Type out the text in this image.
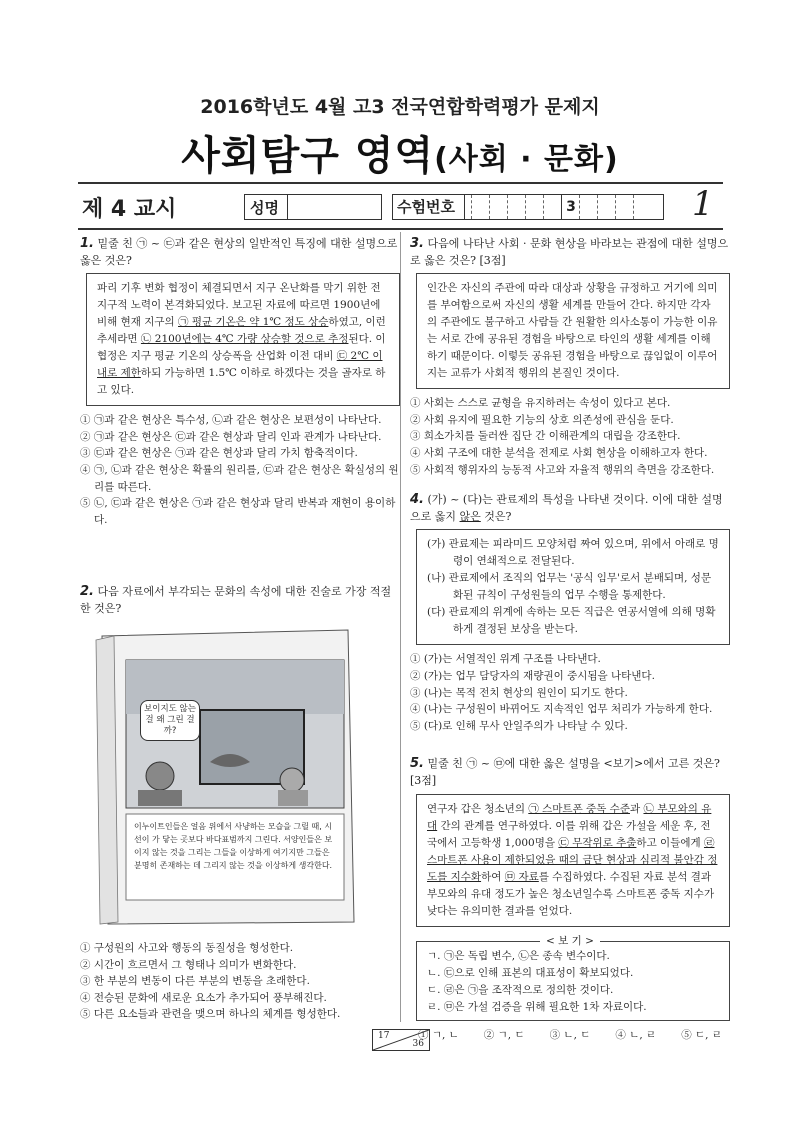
2016학년도 4월 고3 전국연합학력평가 문제지
사회탐구 영역(사회 · 문화)
제 4 교시	성명	수험번호	3	1
1. 밑줄 친 ㉠ ~ ㉢과 같은 현상의 일반적인 특징에 대한 설명으로 옳은 것은?
파리 기후 변화 협정이 체결되면서 지구 온난화를 막기 위한 전 지구적 노력이 본격화되었다. 보고된 자료에 따르면 1900년에 비해 현재 지구의 ㉠ 평균 기온은 약 1℃ 정도 상승하였고, 이런 추세라면 ㉡ 2100년에는 4℃ 가량 상승할 것으로 추정된다. 이 협정은 지구 평균 기온의 상승폭을 산업화 이전 대비 ㉢ 2℃ 이내로 제한하되 가능하면 1.5℃ 이하로 하겠다는 것을 골자로 하고 있다.
① ㉠과 같은 현상은 특수성, ㉡과 같은 현상은 보편성이 나타난다.
② ㉠과 같은 현상은 ㉢과 같은 현상과 달리 인과 관계가 나타난다.
③ ㉢과 같은 현상은 ㉠과 같은 현상과 달리 가치 함축적이다.
④ ㉠, ㉡과 같은 현상은 확률의 원리를, ㉢과 같은 현상은 확실성의 원리를 따른다.
⑤ ㉡, ㉢과 같은 현상은 ㉠과 같은 현상과 달리 반복과 재현이 용이하다.
2. 다음 자료에서 부각되는 문화의 속성에 대한 진술로 가장 적절한 것은?
보이지도 않는 걸 왜 그린 걸까?
이누이트인들은 얼음 위에서 사냥하는 모습을 그릴 때, 시선이 가 닿는 곳보다 바다표범까지 그린다. 서양인들은 보이지 않는 것을 그리는 그들을 이상하게 여기지만 그들은 분명히 존재하는 데 그리지 않는 것을 이상하게 생각한다.
① 구성원의 사고와 행동의 동질성을 형성한다.
② 시간이 흐르면서 그 형태나 의미가 변화한다.
③ 한 부분의 변동이 다른 부분의 변동을 초래한다.
④ 전승된 문화에 새로운 요소가 추가되어 풍부해진다.
⑤ 다른 요소들과 관련을 맺으며 하나의 체계를 형성한다.
3. 다음에 나타난 사회 · 문화 현상을 바라보는 관점에 대한 설명으로 옳은 것은? [3점]
인간은 자신의 주관에 따라 대상과 상황을 규정하고 거기에 의미를 부여함으로써 자신의 생활 세계를 만들어 간다. 하지만 각자의 주관에도 불구하고 사람들 간 원활한 의사소통이 가능한 이유는 서로 간에 공유된 경험을 바탕으로 타인의 생활 세계를 이해하기 때문이다. 이렇듯 공유된 경험을 바탕으로 끊임없이 이루어지는 교류가 사회적 행위의 본질인 것이다.
① 사회는 스스로 균형을 유지하려는 속성이 있다고 본다.
② 사회 유지에 필요한 기능의 상호 의존성에 관심을 둔다.
③ 희소가치를 둘러싼 집단 간 이해관계의 대립을 강조한다.
④ 사회 구조에 대한 분석을 전제로 사회 현상을 이해하고자 한다.
⑤ 사회적 행위자의 능동적 사고와 자율적 행위의 측면을 강조한다.
4. (가) ~ (다)는 관료제의 특성을 나타낸 것이다. 이에 대한 설명으로 옳지 않은 것은?
(가) 관료제는 피라미드 모양처럼 짜여 있으며, 위에서 아래로 명령이 연쇄적으로 전달된다.
(나) 관료제에서 조직의 업무는 '공식 임무'로서 분배되며, 성문화된 규칙이 구성원들의 업무 수행을 통제한다.
(다) 관료제의 위계에 속하는 모든 직급은 연공서열에 의해 명확하게 결정된 보상을 받는다.
① (가)는 서열적인 위계 구조를 나타낸다.
② (가)는 업무 담당자의 재량권이 중시됨을 나타낸다.
③ (나)는 목적 전치 현상의 원인이 되기도 한다.
④ (나)는 구성원이 바뀌어도 지속적인 업무 처리가 가능하게 한다.
⑤ (다)로 인해 무사 안일주의가 나타날 수 있다.
5. 밑줄 친 ㉠ ~ ㉤에 대한 옳은 설명을 <보기>에서 고른 것은? [3점]
연구자 갑은 청소년의 ㉠ 스마트폰 중독 수준과 ㉡ 부모와의 유대 간의 관계를 연구하였다. 이를 위해 갑은 가설을 세운 후, 전국에서 고등학생 1,000명을 ㉢ 무작위로 추출하고 이들에게 ㉣ 스마트폰 사용이 제한되었을 때의 금단 현상과 심리적 불안감 정도를 지수화하여 ㉤ 자료를 수집하였다. 수집된 자료 분석 결과 부모와의 유대 정도가 높은 청소년일수록 스마트폰 중독 지수가 낮다는 유의미한 결과를 얻었다.
< 보 기 >
ㄱ. ㉠은 독립 변수, ㉡은 종속 변수이다.
ㄴ. ㉢으로 인해 표본의 대표성이 확보되었다.
ㄷ. ㉣은 ㉠을 조작적으로 정의한 것이다.
ㄹ. ㉤은 가설 검증을 위해 필요한 1차 자료이다.
① ㄱ, ㄴ ② ㄱ, ㄷ ③ ㄴ, ㄷ ④ ㄴ, ㄹ ⑤ ㄷ, ㄹ
17
36
